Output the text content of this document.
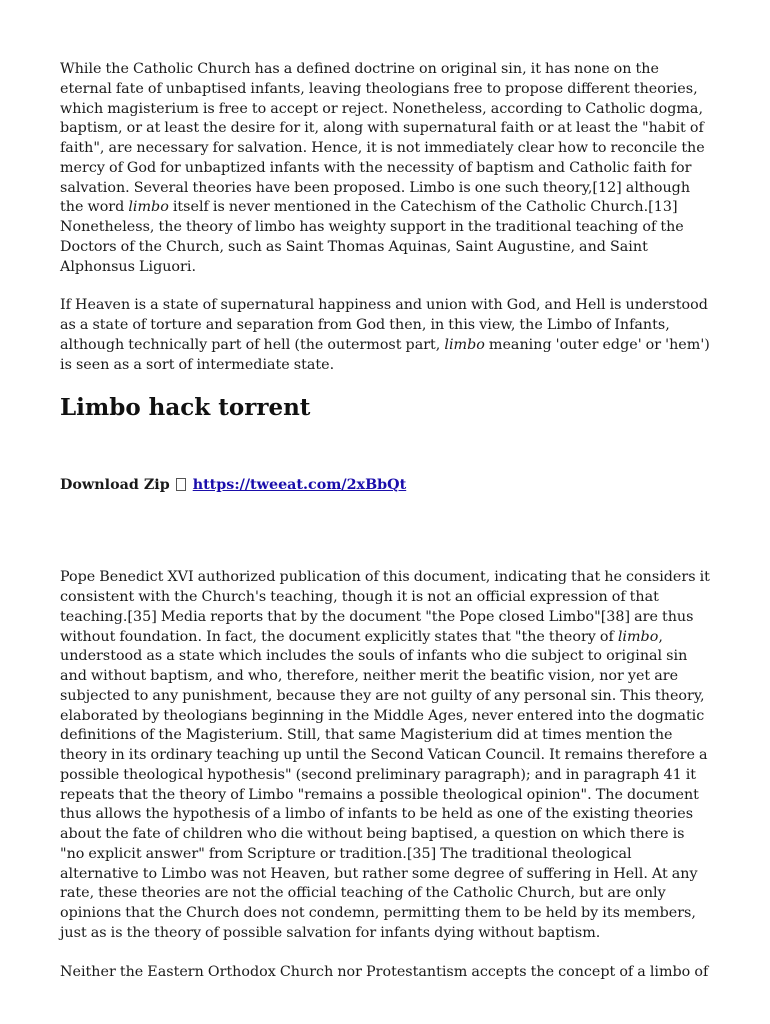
While the Catholic Church has a defined doctrine on original sin, it has none on the eternal fate of unbaptised infants, leaving theologians free to propose different theories, which magisterium is free to accept or reject. Nonetheless, according to Catholic dogma, baptism, or at least the desire for it, along with supernatural faith or at least the "habit of faith", are necessary for salvation. Hence, it is not immediately clear how to reconcile the mercy of God for unbaptized infants with the necessity of baptism and Catholic faith for salvation. Several theories have been proposed. Limbo is one such theory,[12] although the word limbo itself is never mentioned in the Catechism of the Catholic Church.[13] Nonetheless, the theory of limbo has weighty support in the traditional teaching of the Doctors of the Church, such as Saint Thomas Aquinas, Saint Augustine, and Saint Alphonsus Liguori.

If Heaven is a state of supernatural happiness and union with God, and Hell is understood as a state of torture and separation from God then, in this view, the Limbo of Infants, although technically part of hell (the outermost part, limbo meaning 'outer edge' or 'hem') is seen as a sort of intermediate state.

Limbo hack torrent
Download Zip https://tweeat.com/2xBbQt

Pope Benedict XVI authorized publication of this document, indicating that he considers it consistent with the Church's teaching, though it is not an official expression of that teaching.[35] Media reports that by the document "the Pope closed Limbo"[38] are thus without foundation. In fact, the document explicitly states that "the theory of limbo, understood as a state which includes the souls of infants who die subject to original sin and without baptism, and who, therefore, neither merit the beatific vision, nor yet are subjected to any punishment, because they are not guilty of any personal sin. This theory, elaborated by theologians beginning in the Middle Ages, never entered into the dogmatic definitions of the Magisterium. Still, that same Magisterium did at times mention the theory in its ordinary teaching up until the Second Vatican Council. It remains therefore a possible theological hypothesis" (second preliminary paragraph); and in paragraph 41 it repeats that the theory of Limbo "remains a possible theological opinion". The document thus allows the hypothesis of a limbo of infants to be held as one of the existing theories about the fate of children who die without being baptised, a question on which there is "no explicit answer" from Scripture or tradition.[35] The traditional theological alternative to Limbo was not Heaven, but rather some degree of suffering in Hell. At any rate, these theories are not the official teaching of the Catholic Church, but are only opinions that the Church does not condemn, permitting them to be held by its members, just as is the theory of possible salvation for infants dying without baptism.

Neither the Eastern Orthodox Church nor Protestantism accepts the concept of a limbo of
